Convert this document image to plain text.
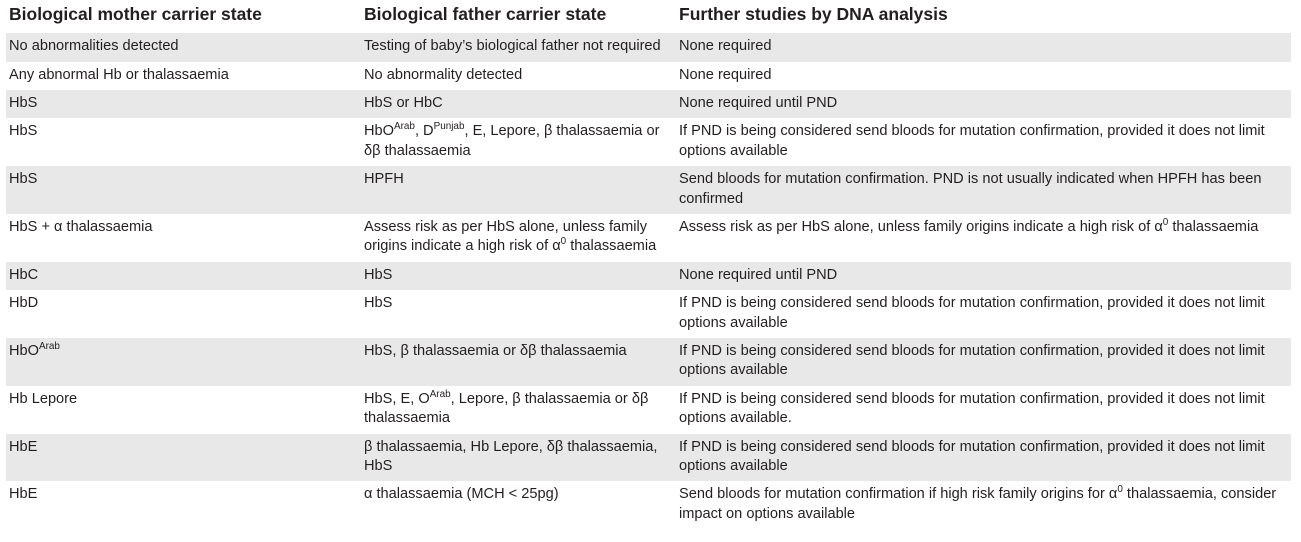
Biological mother carrier state	Biological father carrier state	Further studies by DNA analysis
No abnormalities detected	Testing of baby’s biological father not required	None required
Any abnormal Hb or thalassaemia	No abnormality detected	None required
HbS	HbS or HbC	None required until PND
HbS	HbO$^{Arab}$, $D^{Punjab}$, E, Lepore, β thalassaemia or δβ thalassaemia	If PND is being considered send bloods for mutation confirmation, provided it does not limit options available
HbS	HPFH	Send bloods for mutation confirmation. PND is not usually indicated when HPFH has been confirmed
HbS + α thalassaemia	Assess risk as per HbS alone, unless family origins indicate a high risk of $\alpha^0$ thalassaemia	Assess risk as per HbS alone, unless family origins indicate a high risk of $\alpha^0$ thalassaemia
HbC	HbS	None required until PND
HbD	HbS	If PND is being considered send bloods for mutation confirmation, provided it does not limit options available
HbO$^{Arab}$	HbS, β thalassaemia or δβ thalassaemia	If PND is being considered send bloods for mutation confirmation, provided it does not limit options available
Hb Lepore	HbS, E, $O^{Arab}$, Lepore, β thalassaemia or δβ thalassaemia	If PND is being considered send bloods for mutation confirmation, provided it does not limit options available.
HbE	β thalassaemia, Hb Lepore, δβ thalassaemia, HbS	If PND is being considered send bloods for mutation confirmation, provided it does not limit options available
HbE	α thalassaemia (MCH < 25pg)	Send bloods for mutation confirmation if high risk family origins for $\alpha^0$ thalassaemia, consider impact on options available
